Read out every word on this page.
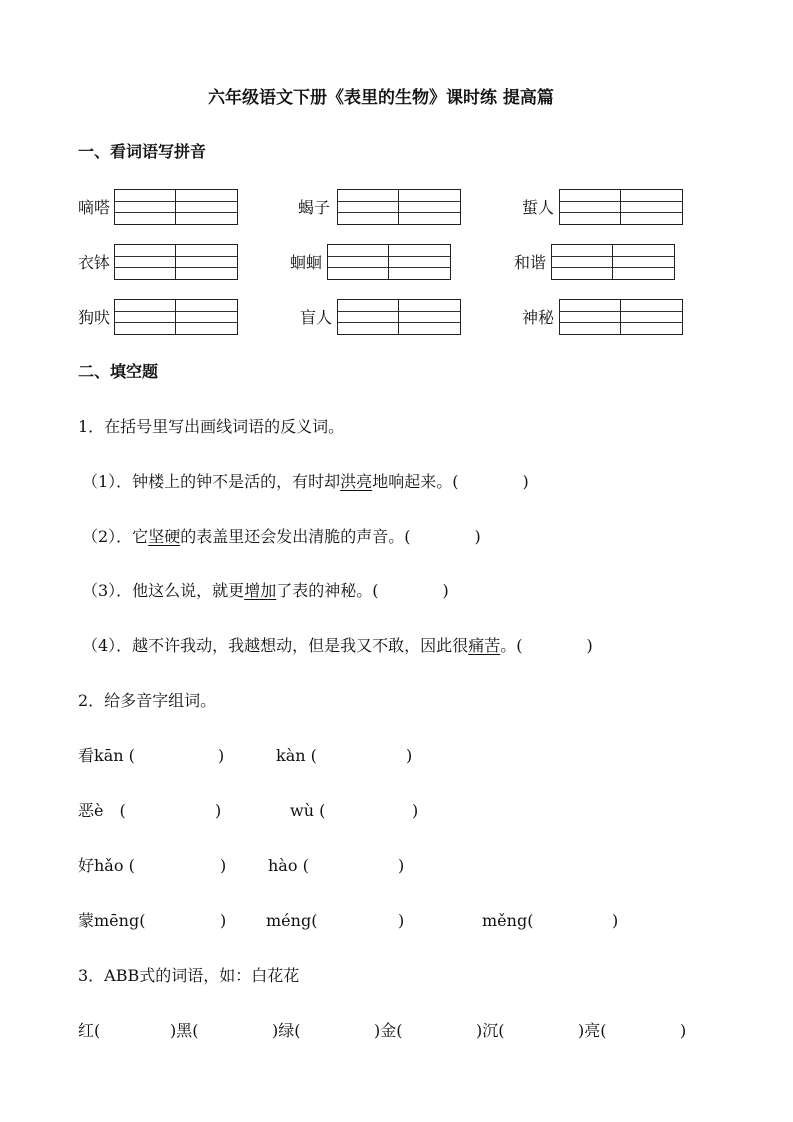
六年级语文下册《表里的生物》课时练 提高篇
一、看词语写拼音
嘀嗒	蝎子	蜇人
衣钵	蛔蛔	和谐
狗吠	盲人	神秘
二、填空题
1．在括号里写出画线词语的反义词。
（1）．钟楼上的钟不是活的，有时却洪亮地响起来。(　　　　)
（2）．它坚硬的表盖里还会发出清脆的声音。(　　　　)
（3）．他这么说，就更增加了表的神秘。(　　　　)
（4）．越不许我动，我越想动，但是我又不敢，因此很痛苦。(　　　　)
2．给多音字组词。
看kān (	)	kàn (	)
恶è　(	)	wù (	)
好hǎo (	)	hào (	)
蒙mēng(	) méng(	)	měng(	)
3．ABB式的词语，如：白花花
红(	)黑(	)绿(	)金(	)沉(	)亮(	)
